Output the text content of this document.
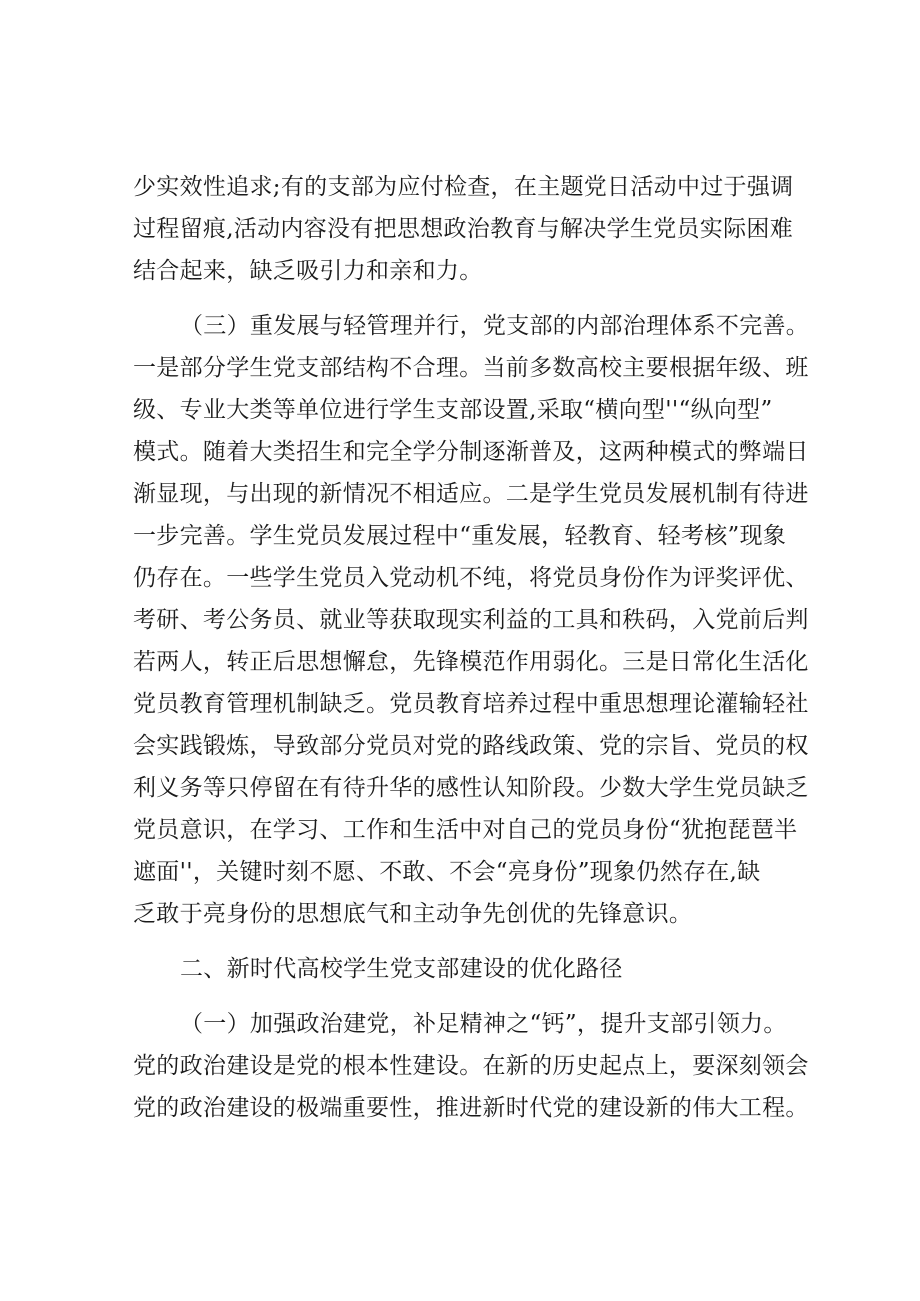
少实效性追求;有的支部为应付检查，在主题党日活动中过于强调
过程留痕,活动内容没有把思想政治教育与解决学生党员实际困难
结合起来，缺乏吸引力和亲和力。
（三）重发展与轻管理并行，党支部的内部治理体系不完善。
一是部分学生党支部结构不合理。当前多数高校主要根据年级、班
级、专业大类等单位进行学生支部设置,采取“横向型''“纵向型”
模式。随着大类招生和完全学分制逐渐普及，这两种模式的弊端日
渐显现，与出现的新情况不相适应。二是学生党员发展机制有待进
一步完善。学生党员发展过程中“重发展，轻教育、轻考核”现象
仍存在。一些学生党员入党动机不纯，将党员身份作为评奖评优、
考研、考公务员、就业等获取现实利益的工具和秩码，入党前后判
若两人，转正后思想懈怠，先锋模范作用弱化。三是日常化生活化
党员教育管理机制缺乏。党员教育培养过程中重思想理论灌输轻社
会实践锻炼，导致部分党员对党的路线政策、党的宗旨、党员的权
利义务等只停留在有待升华的感性认知阶段。少数大学生党员缺乏
党员意识，在学习、工作和生活中对自己的党员身份“犹抱琵琶半
遮面''，关键时刻不愿、不敢、不会“亮身份”现象仍然存在,缺
乏敢于亮身份的思想底气和主动争先创优的先锋意识。
二、新时代高校学生党支部建设的优化路径
（一）加强政治建党，补足精神之“钙”，提升支部引领力。
党的政治建设是党的根本性建设。在新的历史起点上，要深刻领会
党的政治建设的极端重要性，推进新时代党的建设新的伟大工程。
